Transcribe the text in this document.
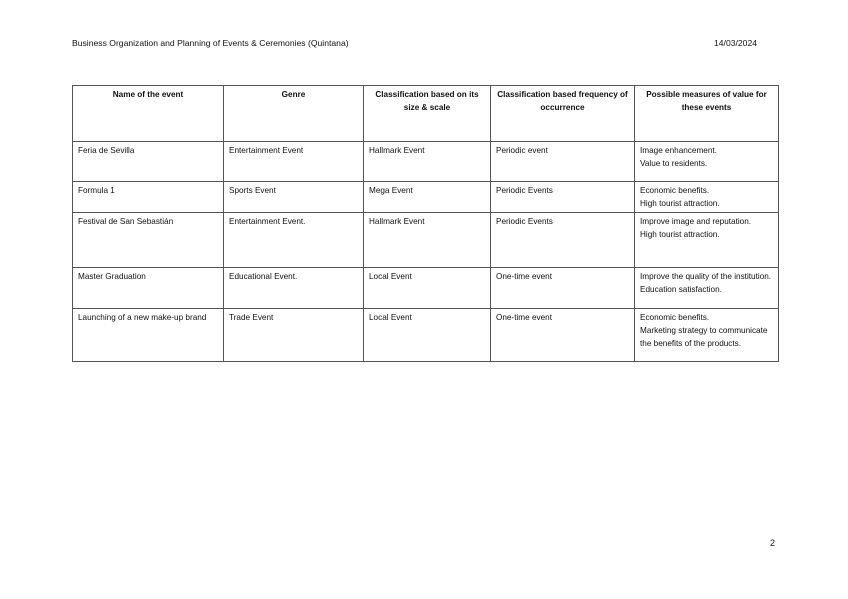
Business Organization and Planning of Events & Ceremonies (Quintana)	14/03/2024
Name of the event	Genre	Classification based on its size & scale	Classification based frequency of occurrence	Possible measures of value for these events
Feria de Sevilla	Entertainment Event	Hallmark Event	Periodic event	Image enhancement.
Value to residents.

Formula 1	Sports Event	Mega Event	Periodic Events	Economic benefits.
High tourist attraction.

Festival de San Sebastián	Entertainment Event.	Hallmark Event	Periodic Events	Improve image and reputation.
High tourist attraction.

Master Graduation	Educational Event.	Local Event	One-time event	Improve the quality of the institution.
Education satisfaction.

Launching of a new make-up brand	Trade Event	Local Event	One-time event	Economic benefits.
Marketing strategy to communicate the benefits of the products.
2
